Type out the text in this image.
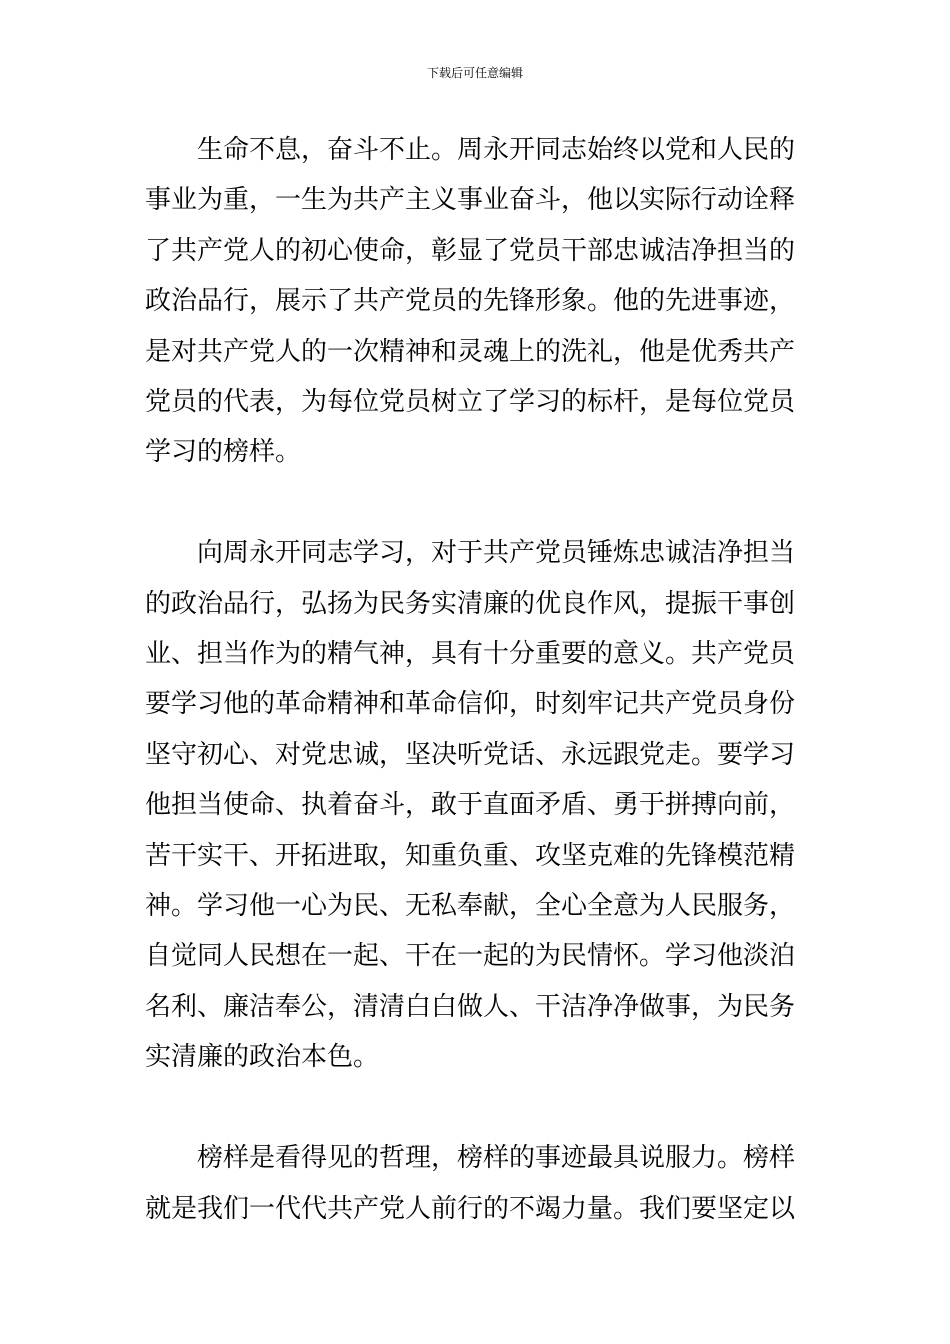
下载后可任意编辑

　　生命不息，奋斗不止。周永开同志始终以党和人民的
事业为重，一生为共产主义事业奋斗，他以实际行动诠释
了共产党人的初心使命，彰显了党员干部忠诚洁净担当的
政治品行，展示了共产党员的先锋形象。他的先进事迹，
是对共产党人的一次精神和灵魂上的洗礼，他是优秀共产
党员的代表，为每位党员树立了学习的标杆，是每位党员
学习的榜样。

　　向周永开同志学习，对于共产党员锤炼忠诚洁净担当
的政治品行，弘扬为民务实清廉的优良作风，提振干事创
业、担当作为的精气神，具有十分重要的意义。共产党员
要学习他的革命精神和革命信仰，时刻牢记共产党员身份
坚守初心、对党忠诚，坚决听党话、永远跟党走。要学习
他担当使命、执着奋斗，敢于直面矛盾、勇于拼搏向前，
苦干实干、开拓进取，知重负重、攻坚克难的先锋模范精
神。学习他一心为民、无私奉献，全心全意为人民服务，
自觉同人民想在一起、干在一起的为民情怀。学习他淡泊
名利、廉洁奉公，清清白白做人、干洁净净做事，为民务
实清廉的政治本色。

　　榜样是看得见的哲理，榜样的事迹最具说服力。榜样
就是我们一代代共产党人前行的不竭力量。我们要坚定以
